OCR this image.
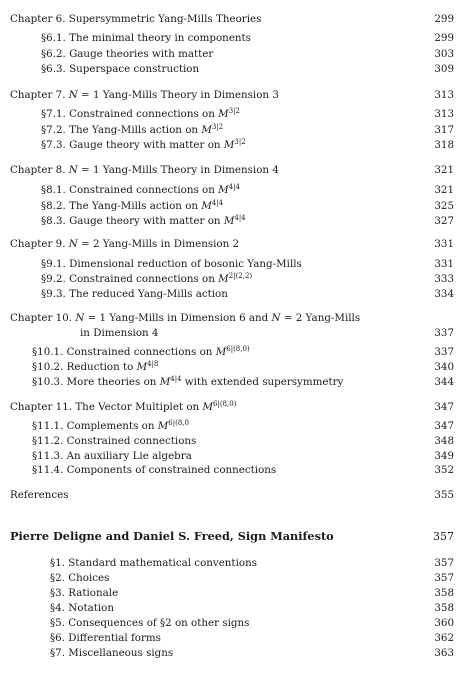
Chapter 6. Supersymmetric Yang-Mills Theories	299
§6.1. The minimal theory in components	299
§6.2. Gauge theories with matter	303
§6.3. Superspace construction	309
Chapter 7. N = 1 Yang-Mills Theory in Dimension 3	313
§7.1. Constrained connections on $M^{3|2}$	313
§7.2. The Yang-Mills action on $M^{3|2}$	317
§7.3. Gauge theory with matter on $M^{3|2}$	318
Chapter 8. N = 1 Yang-Mills Theory in Dimension 4	321
§8.1. Constrained connections on $M^{4|4}$	321
§8.2. The Yang-Mills action on $M^{4|4}$	325
§8.3. Gauge theory with matter on $M^{4|4}$	327
Chapter 9. N = 2 Yang-Mills in Dimension 2	331
§9.1. Dimensional reduction of bosonic Yang-Mills	331
§9.2. Constrained connections on $M^{2|(2,2)}$	333
§9.3. The reduced Yang-Mills action	334
Chapter 10. N = 1 Yang-Mills in Dimension 6 and N = 2 Yang-Mills
in Dimension 4	337
§10.1. Constrained connections on $M^{6|(8,0)}$	337
§10.2. Reduction to $M^{4|8}$	340
§10.3. More theories on $M^{4|4}$ with extended supersymmetry	344
Chapter 11. The Vector Multiplet on $M^{6|(8,0)}$	347
§11.1. Complements on $M^{6|(8,0}$	347
§11.2. Constrained connections	348
§11.3. An auxiliary Lie algebra	349
§11.4. Components of constrained connections	352
References	355
Pierre Deligne and Daniel S. Freed, Sign Manifesto	357
§1. Standard mathematical conventions	357
§2. Choices	357
§3. Rationale	358
§4. Notation	358
§5. Consequences of §2 on other signs	360
§6. Differential forms	362
§7. Miscellaneous signs	363
